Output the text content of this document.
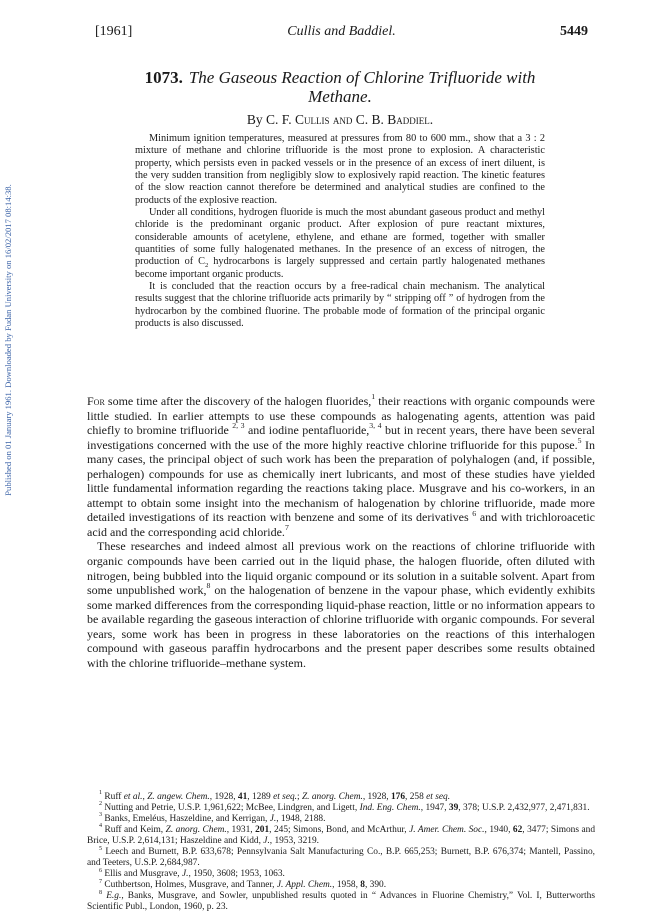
Published on 01 January 1961. Downloaded by Fudan University on 16/02/2017 08:14:38.
[1961]	Cullis and Baddiel.	5449
1073. The Gaseous Reaction of Chlorine Trifluoride with Methane.
By C. F. Cullis and C. B. Baddiel.

Minimum ignition temperatures, measured at pressures from 80 to 600 mm., show that a 3 : 2 mixture of methane and chlorine trifluoride is the most prone to explosion. A characteristic property, which persists even in packed vessels or in the presence of an excess of inert diluent, is the very sudden transition from negligibly slow to explosively rapid reaction. The kinetic features of the slow reaction cannot therefore be determined and analytical studies are confined to the products of the explosive reaction.

Under all conditions, hydrogen fluoride is much the most abundant gaseous product and methyl chloride is the predominant organic product. After explosion of pure reactant mixtures, considerable amounts of acetylene, ethylene, and ethane are formed, together with smaller quantities of some fully halogenated methanes. In the presence of an excess of nitrogen, the production of $C_2$ hydrocarbons is largely suppressed and certain partly halogenated methanes become important organic products.

It is concluded that the reaction occurs by a free-radical chain mechanism. The analytical results suggest that the chlorine trifluoride acts primarily by “ stripping off ” of hydrogen from the hydrocarbon by the combined fluorine. The probable mode of formation of the principal organic products is also discussed.

For some time after the discovery of the halogen fluorides,$^1$ their reactions with organic compounds were little studied. In earlier attempts to use these compounds as halogenating agents, attention was paid chiefly to bromine trifluoride $^{2, 3}$ and iodine pentafluoride,$^{3, 4}$ but in recent years, there have been several investigations concerned with the use of the more highly reactive chlorine trifluoride for this pupose.$^5$ In many cases, the principal object of such work has been the preparation of polyhalogen (and, if possible, perhalogen) compounds for use as chemically inert lubricants, and most of these studies have yielded little fundamental information regarding the reactions taking place. Musgrave and his co-workers, in an attempt to obtain some insight into the mechanism of halogenation by chlorine trifluoride, made more detailed investigations of its reaction with benzene and some of its derivatives $^6$ and with trichloroacetic acid and the corresponding acid chloride.$^7$

These researches and indeed almost all previous work on the reactions of chlorine trifluoride with organic compounds have been carried out in the liquid phase, the halogen fluoride, often diluted with nitrogen, being bubbled into the liquid organic compound or its solution in a suitable solvent. Apart from some unpublished work,$^8$ on the halogenation of benzene in the vapour phase, which evidently exhibits some marked differences from the corresponding liquid-phase reaction, little or no information appears to be available regarding the gaseous interaction of chlorine trifluoride with organic compounds. For several years, some work has been in progress in these laboratories on the reactions of this interhalogen compound with gaseous paraffin hydrocarbons and the present paper describes some results obtained with the chlorine trifluoride–methane system.

$^1$ Ruff et al., Z. angew. Chem., 1928, 41, 1289 et seq.; Z. anorg. Chem., 1928, 176, 258 et seq.

$^2$ Nutting and Petrie, U.S.P. 1,961,622; McBee, Lindgren, and Ligett, Ind. Eng. Chem., 1947, 39, 378; U.S.P. 2,432,977, 2,471,831.

$^3$ Banks, Emeléus, Haszeldine, and Kerrigan, J., 1948, 2188.

$^4$ Ruff and Keim, Z. anorg. Chem., 1931, 201, 245; Simons, Bond, and McArthur, J. Amer. Chem. Soc., 1940, 62, 3477; Simons and Brice, U.S.P. 2,614,131; Haszeldine and Kidd, J., 1953, 3219.

$^5$ Leech and Burnett, B.P. 633,678; Pennsylvania Salt Manufacturing Co., B.P. 665,253; Burnett, B.P. 676,374; Mantell, Passino, and Teeters, U.S.P. 2,684,987.

$^6$ Ellis and Musgrave, J., 1950, 3608; 1953, 1063.

$^7$ Cuthbertson, Holmes, Musgrave, and Tanner, J. Appl. Chem., 1958, 8, 390.

$^8$ E.g., Banks, Musgrave, and Sowler, unpublished results quoted in “ Advances in Fluorine Chemistry,” Vol. I, Butterworths Scientific Publ., London, 1960, p. 23.
